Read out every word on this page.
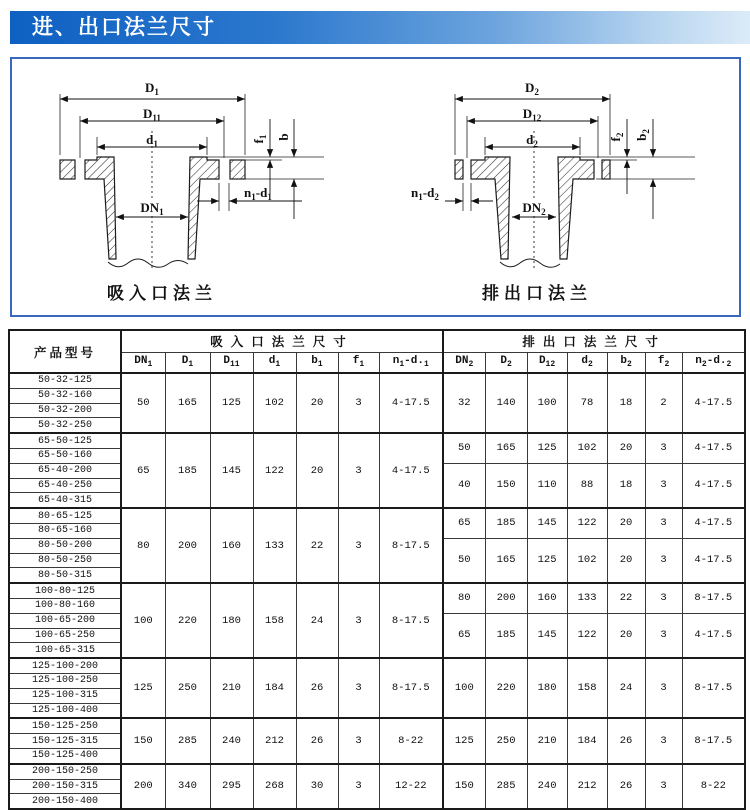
进、出口法兰尺寸
$D_1$
$D_{11}$
$d_1$
$DN_1$
$f_1$ b
$n_1-d_1$
吸入口法兰
$D_2$
$D_{12}$
$d_2$
$DN_2$
$f_2$ $b_2$
$n_1-d_2$
排出口法兰
产品型号	吸入口法兰尺寸							排出口法兰尺寸						
	$DN_1$	$D_1$	$D_{11}$	$d_1$	$b_1$	$f_1$	$n_1-d._1$	$DN_2$	$D_2$	$D_{12}$	$d_2$	$b_2$	$f_2$	$n_2-d._2$
50-32-125	50	165	125	102	20	3	4-17.5	32	140	100	78	18	2	4-17.5
50-32-160														
50-32-200														
50-32-250														
65-50-125	65	185	145	122	20	3	4-17.5	50	165	125	102	20	3	4-17.5
65-50-160														
65-40-200								40	150	110	88	18	3	4-17.5
65-40-250														
65-40-315														
80-65-125	80	200	160	133	22	3	8-17.5	65	185	145	122	20	3	4-17.5
80-65-160														
80-50-200								50	165	125	102	20	3	4-17.5
80-50-250														
80-50-315														
100-80-125	100	220	180	158	24	3	8-17.5	80	200	160	133	22	3	8-17.5
100-80-160														
100-65-200								65	185	145	122	20	3	4-17.5
100-65-250														
100-65-315														
125-100-200	125	250	210	184	26	3	8-17.5	100	220	180	158	24	3	8-17.5
125-100-250														
125-100-315														
125-100-400														
150-125-250	150	285	240	212	26	3	8-22	125	250	210	184	26	3	8-17.5
150-125-315														
150-125-400														
200-150-250	200	340	295	268	30	3	12-22	150	285	240	212	26	3	8-22
200-150-315														
200-150-400														
